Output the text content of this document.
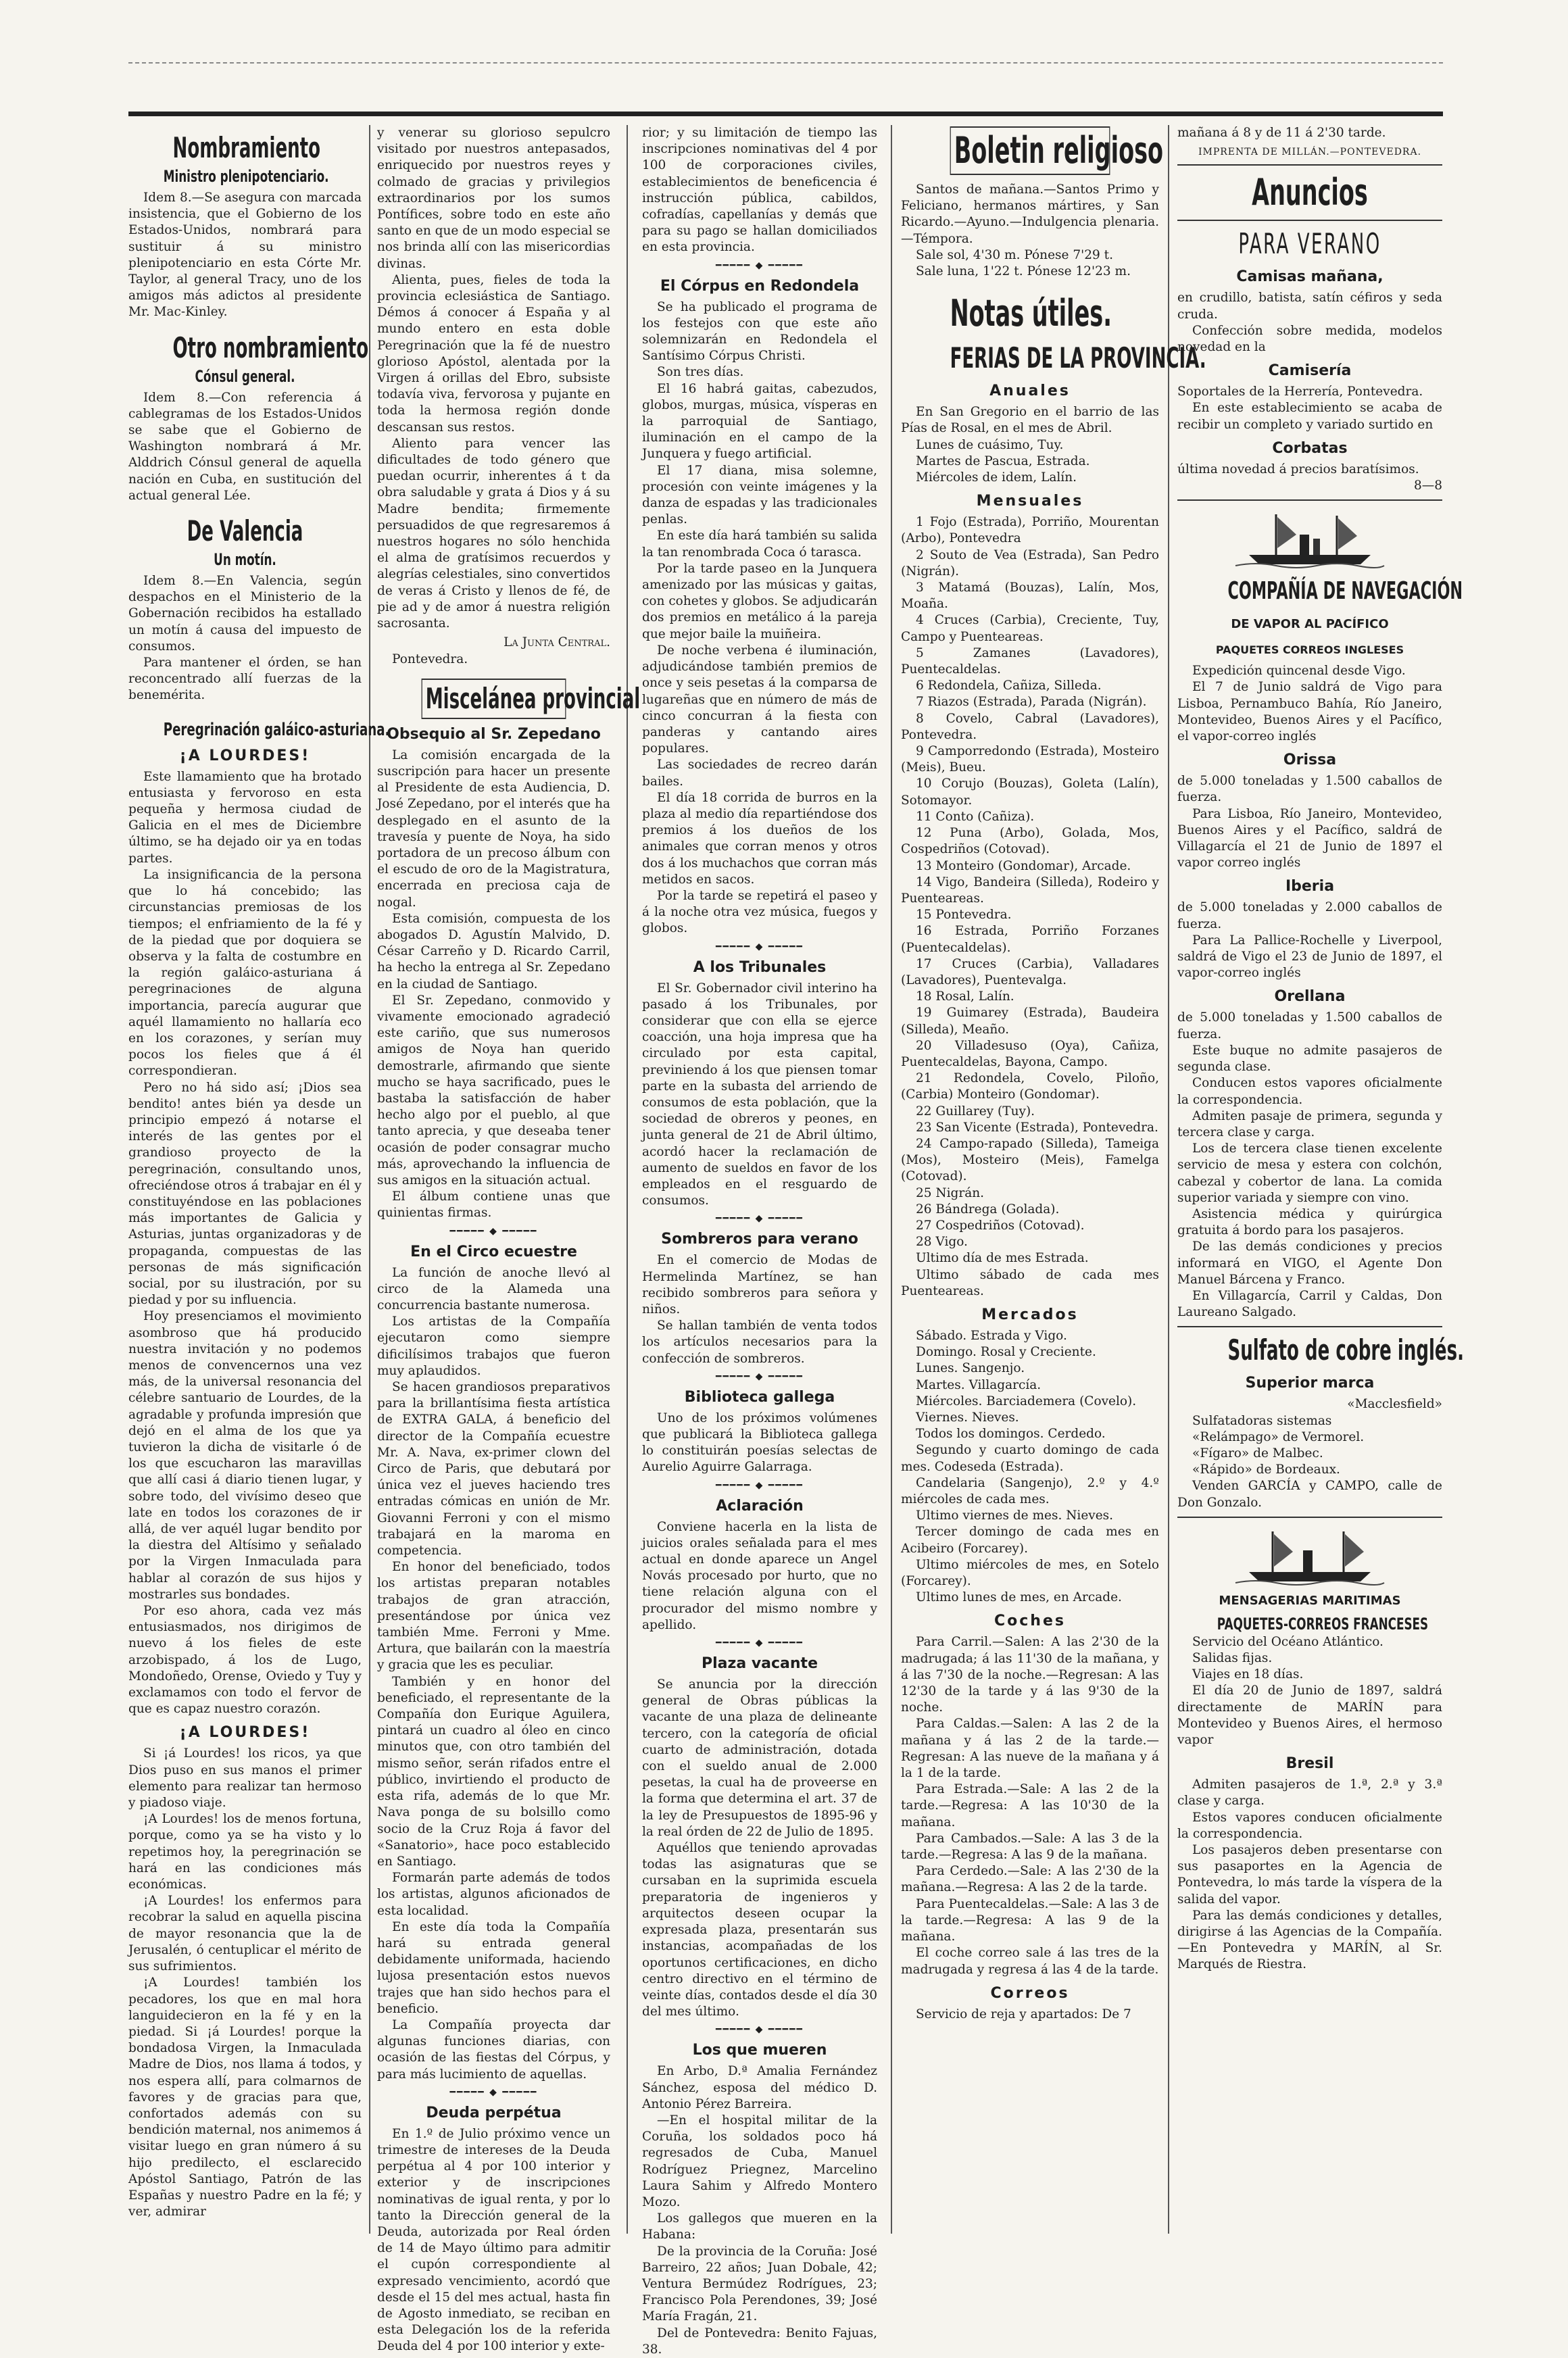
Nombramiento
Ministro plenipotenciario.

Idem 8.—Se asegura con marcada insistencia, que el Gobierno de los Estados-Unidos, nombrará para sustituir á su ministro plenipotenciario en esta Córte Mr. Taylor, al general Tracy, uno de los amigos más adictos al presidente Mr. Mac-Kinley.

Otro nombramiento
Cónsul general.

Idem 8.—Con referencia á cablegramas de los Estados-Unidos se sabe que el Gobierno de Washington nombrará á Mr. Alddrich Cónsul general de aquella nación en Cuba, en sustitución del actual general Lée.

De Valencia
Un motín.

Idem 8.—En Valencia, según despachos en el Ministerio de la Gobernación recibidos ha estallado un motín á causa del impuesto de consumos.

Para mantener el órden, se han reconcentrado allí fuerzas de la benemérita.

Peregrinación galáico-asturiana.
¡A LOURDES!

Este llamamiento que ha brotado entusiasta y fervoroso en esta pequeña y hermosa ciudad de Galicia en el mes de Diciembre último, se ha dejado oir ya en todas partes.

La insignificancia de la persona que lo há concebido; las circunstancias premiosas de los tiempos; el enfriamiento de la fé y de la piedad que por doquiera se observa y la falta de costumbre en la región galáico-asturiana á peregrinaciones de alguna importancia, parecía augurar que aquél llamamiento no hallaría eco en los corazones, y serían muy pocos los fieles que á él correspondieran.

Pero no há sido así; ¡Dios sea bendito! antes bién ya desde un principio empezó á notarse el interés de las gentes por el grandioso proyecto de la peregrinación, consultando unos, ofreciéndose otros á trabajar en él y constituyéndose en las poblaciones más importantes de Galicia y Asturias, juntas organizadoras y de propaganda, compuestas de las personas de más significación social, por su ilustración, por su piedad y por su influencia.

Hoy presenciamos el movimiento asombroso que há producido nuestra invitación y no podemos menos de convencernos una vez más, de la universal resonancia del célebre santuario de Lourdes, de la agradable y profunda impresión que dejó en el alma de los que ya tuvieron la dicha de visitarle ó de los que escucharon las maravillas que allí casi á diario tienen lugar, y sobre todo, del vivísimo deseo que late en todos los corazones de ir allá, de ver aquél lugar bendito por la diestra del Altísimo y señalado por la Virgen Inmaculada para hablar al corazón de sus hijos y mostrarles sus bondades.

Por eso ahora, cada vez más entusiasmados, nos dirigimos de nuevo á los fieles de este arzobispado, á los de Lugo, Mondoñedo, Orense, Oviedo y Tuy y exclamamos con todo el fervor de que es capaz nuestro corazón.

¡A LOURDES!

Si ¡á Lourdes! los ricos, ya que Dios puso en sus manos el primer elemento para realizar tan hermoso y piadoso viaje.

¡A Lourdes! los de menos fortuna, porque, como ya se ha visto y lo repetimos hoy, la peregrinación se hará en las condiciones más económicas.

¡A Lourdes! los enfermos para recobrar la salud en aquella piscina de mayor resonancia que la de Jerusalén, ó centuplicar el mérito de sus sufrimientos.

¡A Lourdes! también los pecadores, los que en mal hora languidecieron en la fé y en la piedad. Si ¡á Lourdes! porque la bondadosa Virgen, la Inmaculada Madre de Dios, nos llama á todos, y nos espera allí, para colmarnos de favores y de gracias para que, confortados además con su bendición maternal, nos animemos á visitar luego en gran número á su hijo predilecto, el esclarecido Apóstol Santiago, Patrón de las Españas y nuestro Padre en la fé; y ver, admirar

y venerar su glorioso sepulcro visitado por nuestros antepasados, enriquecido por nuestros reyes y colmado de gracias y privilegios extraordinarios por los sumos Pontífices, sobre todo en este año santo en que de un modo especial se nos brinda allí con las misericordias divinas.

Alienta, pues, fieles de toda la provincia eclesiástica de Santiago. Démos á conocer á España y al mundo entero en esta doble Peregrinación que la fé de nuestro glorioso Apóstol, alentada por la Virgen á orillas del Ebro, subsiste todavía viva, fervorosa y pujante en toda la hermosa región donde descansan sus restos.

Aliento para vencer las dificultades de todo género que puedan ocurrir, inherentes á t da obra saludable y grata á Dios y á su Madre bendita; firmemente persuadidos de que regresaremos á nuestros hogares no sólo henchida el alma de gratísimos recuerdos y alegrías celestiales, sino convertidos de veras á Cristo y llenos de fé, de pie ad y de amor á nuestra religión sacrosanta.

La Junta Central.

Pontevedra.

Miscelánea provincial
Obsequio al Sr. Zepedano

La comisión encargada de la suscripción para hacer un presente al Presidente de esta Audiencia, D. José Zepedano, por el interés que ha desplegado en el asunto de la travesía y puente de Noya, ha sido portadora de un precoso álbum con el escudo de oro de la Magistratura, encerrada en preciosa caja de nogal.

Esta comisión, compuesta de los abogados D. Agustín Malvido, D. César Carreño y D. Ricardo Carril, ha hecho la entrega al Sr. Zepedano en la ciudad de Santiago.

El Sr. Zepedano, conmovido y vivamente emocionado agradeció este cariño, que sus numerosos amigos de Noya han querido demostrarle, afirmando que siente mucho se haya sacrificado, pues le bastaba la satisfacción de haber hecho algo por el pueblo, al que tanto aprecia, y que deseaba tener ocasión de poder consagrar mucho más, aprovechando la influencia de sus amigos en la situación actual.

El álbum contiene unas que quinientas firmas.

━━━━━ ◆ ━━━━━
En el Circo ecuestre

La función de anoche llevó al circo de la Alameda una concurrencia bastante numerosa.

Los artistas de la Compañía ejecutaron como siempre dificilísimos trabajos que fueron muy aplaudidos.

Se hacen grandiosos preparativos para la brillantísima fiesta artística de EXTRA GALA, á beneficio del director de la Compañía ecuestre Mr. A. Nava, ex-primer clown del Circo de Paris, que debutará por única vez el jueves haciendo tres entradas cómicas en unión de Mr. Giovanni Ferroni y con el mismo trabajará en la maroma en competencia.

En honor del beneficiado, todos los artistas preparan notables trabajos de gran atracción, presentándose por única vez también Mme. Ferroni y Mme. Artura, que bailarán con la maestría y gracia que les es peculiar.

También y en honor del beneficiado, el representante de la Compañía don Eurique Aguilera, pintará un cuadro al óleo en cinco minutos que, con otro también del mismo señor, serán rifados entre el público, invirtiendo el producto de esta rifa, además de lo que Mr. Nava ponga de su bolsillo como socio de la Cruz Roja á favor del «Sanatorio», hace poco establecido en Santiago.

Formarán parte además de todos los artistas, algunos aficionados de esta localidad.

En este día toda la Compañía hará su entrada general debidamente uniformada, haciendo lujosa presentación estos nuevos trajes que han sido hechos para el beneficio.

La Compañía proyecta dar algunas funciones diarias, con ocasión de las fiestas del Córpus, y para más lucimiento de aquellas.

━━━━━ ◆ ━━━━━
Deuda perpétua

En 1.º de Julio próximo vence un trimestre de intereses de la Deuda perpétua al 4 por 100 interior y exterior y de inscripciones nominativas de igual renta, y por lo tanto la Dirección general de la Deuda, autorizada por Real órden de 14 de Mayo último para admitir el cupón correspondiente al expresado vencimiento, acordó que desde el 15 del mes actual, hasta fin de Agosto inmediato, se reciban en esta Delegación los de la referida Deuda del 4 por 100 interior y exte-

rior; y su limitación de tiempo las inscripciones nominativas del 4 por 100 de corporaciones civiles, establecimientos de beneficencia é instrucción pública, cabildos, cofradías, capellanías y demás que para su pago se hallan domiciliados en esta provincia.

━━━━━ ◆ ━━━━━
El Córpus en Redondela

Se ha publicado el programa de los festejos con que este año solemnizarán en Redondela el Santísimo Córpus Christi.

Son tres días.

El 16 habrá gaitas, cabezudos, globos, murgas, música, vísperas en la parroquial de Santiago, iluminación en el campo de la Junquera y fuego artificial.

El 17 diana, misa solemne, procesión con veinte imágenes y la danza de espadas y las tradicionales penlas.

En este día hará también su salida la tan renombrada Coca ó tarasca.

Por la tarde paseo en la Junquera amenizado por las músicas y gaitas, con cohetes y globos. Se adjudicarán dos premios en metálico á la pareja que mejor baile la muiñeira.

De noche verbena é iluminación, adjudicándose también premios de once y seis pesetas á la comparsa de lugareñas que en número de más de cinco concurran á la fiesta con panderas y cantando aires populares.

Las sociedades de recreo darán bailes.

El día 18 corrida de burros en la plaza al medio día repartiéndose dos premios á los dueños de los animales que corran menos y otros dos á los muchachos que corran más metidos en sacos.

Por la tarde se repetirá el paseo y á la noche otra vez música, fuegos y globos.

━━━━━ ◆ ━━━━━
A los Tribunales

El Sr. Gobernador civil interino ha pasado á los Tribunales, por considerar que con ella se ejerce coacción, una hoja impresa que ha circulado por esta capital, previniendo á los que piensen tomar parte en la subasta del arriendo de consumos de esta población, que la sociedad de obreros y peones, en junta general de 21 de Abril último, acordó hacer la reclamación de aumento de sueldos en favor de los empleados en el resguardo de consumos.

━━━━━ ◆ ━━━━━
Sombreros para verano

En el comercio de Modas de Hermelinda Martínez, se han recibido sombreros para señora y niños.

Se hallan también de venta todos los artículos necesarios para la confección de sombreros.

━━━━━ ◆ ━━━━━
Biblioteca gallega

Uno de los próximos volúmenes que publicará la Biblioteca gallega lo constituirán poesías selectas de Aurelio Aguirre Galarraga.

━━━━━ ◆ ━━━━━
Aclaración

Conviene hacerla en la lista de juicios orales señalada para el mes actual en donde aparece un Angel Novás procesado por hurto, que no tiene relación alguna con el procurador del mismo nombre y apellido.

━━━━━ ◆ ━━━━━
Plaza vacante

Se anuncia por la dirección general de Obras públicas la vacante de una plaza de delineante tercero, con la categoría de oficial cuarto de administración, dotada con el sueldo anual de 2.000 pesetas, la cual ha de proveerse en la forma que determina el art. 37 de la ley de Presupuestos de 1895-96 y la real órden de 22 de Julio de 1895.

Aquéllos que teniendo aprovadas todas las asignaturas que se cursaban en la suprimida escuela preparatoria de ingenieros y arquitectos deseen ocupar la expresada plaza, presentarán sus instancias, acompañadas de los oportunos certificaciones, en dicho centro directivo en el término de veinte días, contados desde el día 30 del mes último.

━━━━━ ◆ ━━━━━
Los que mueren

En Arbo, D.ª Amalia Fernández Sánchez, esposa del médico D. Antonio Pérez Barreira.

—En el hospital militar de la Coruña, los soldados poco há regresados de Cuba, Manuel Rodríguez Priegnez, Marcelino Laura Sahim y Alfredo Montero Mozo.

Los gallegos que mueren en la Habana:

De la provincia de la Coruña: José Barreiro, 22 años; Juan Dobale, 42; Ventura Bermúdez Rodrígues, 23; Francisco Pola Perendones, 39; José María Fragán, 21.

Del de Pontevedra: Benito Fajuas, 38.

Boletin religioso

Santos de mañana.—Santos Primo y Feliciano, hermanos mártires, y San Ricardo.—Ayuno.—Indulgencia plenaria.—Témpora.

Sale sol, 4'30 m. Pónese 7'29 t.

Sale luna, 1'22 t. Pónese 12'23 m.

Notas útiles.
FERIAS DE LA PROVINCIA.
Anuales

En San Gregorio en el barrio de las Pías de Rosal, en el mes de Abril.

Lunes de cuásimo, Tuy.

Martes de Pascua, Estrada.

Miércoles de idem, Lalín.

Mensuales

1 Fojo (Estrada), Porriño, Mourentan (Arbo), Pontevedra

2 Souto de Vea (Estrada), San Pedro (Nigrán).

3 Matamá (Bouzas), Lalín, Mos, Moaña.

4 Cruces (Carbia), Creciente, Tuy, Campo y Puenteareas.

5 Zamanes (Lavadores), Puentecaldelas.

6 Redondela, Cañiza, Silleda.

7 Riazos (Estrada), Parada (Nigrán).

8 Covelo, Cabral (Lavadores), Pontevedra.

9 Camporredondo (Estrada), Mosteiro (Meis), Bueu.

10 Corujo (Bouzas), Goleta (Lalín), Sotomayor.

11 Conto (Cañiza).

12 Puna (Arbo), Golada, Mos, Cospedriños (Cotovad).

13 Monteiro (Gondomar), Arcade.

14 Vigo, Bandeira (Silleda), Rodeiro y Puenteareas.

15 Pontevedra.

16 Estrada, Porriño Forzanes (Puentecaldelas).

17 Cruces (Carbia), Valladares (Lavadores), Puentevalga.

18 Rosal, Lalín.

19 Guimarey (Estrada), Baudeira (Silleda), Meaño.

20 Villadesuso (Oya), Cañiza, Puentecaldelas, Bayona, Campo.

21 Redondela, Covelo, Piloño, (Carbia) Monteiro (Gondomar).

22 Guillarey (Tuy).

23 San Vicente (Estrada), Pontevedra.

24 Campo-rapado (Silleda), Tameiga (Mos), Mosteiro (Meis), Famelga (Cotovad).

25 Nigrán.

26 Bándrega (Golada).

27 Cospedriños (Cotovad).

28 Vigo.

Ultimo día de mes Estrada.

Ultimo sábado de cada mes Puenteareas.

Mercados

Sábado. Estrada y Vigo.

Domingo. Rosal y Creciente.

Lunes. Sangenjo.

Martes. Villagarcía.

Miércoles. Barciademera (Covelo).

Viernes. Nieves.

Todos los domingos. Cerdedo.

Segundo y cuarto domingo de cada mes. Codeseda (Estrada).

Candelaria (Sangenjo), 2.º y 4.º miércoles de cada mes.

Ultimo viernes de mes. Nieves.

Tercer domingo de cada mes en Acibeiro (Forcarey).

Ultimo miércoles de mes, en Sotelo (Forcarey).

Ultimo lunes de mes, en Arcade.

Coches

Para Carril.—Salen: A las 2'30 de la madrugada; á las 11'30 de la mañana, y á las 7'30 de la noche.—Regresan: A las 12'30 de la tarde y á las 9'30 de la noche.

Para Caldas.—Salen: A las 2 de la mañana y á las 2 de la tarde.—Regresan: A las nueve de la mañana y á la 1 de la tarde.

Para Estrada.—Sale: A las 2 de la tarde.—Regresa: A las 10'30 de la mañana.

Para Cambados.—Sale: A las 3 de la tarde.—Regresa: A las 9 de la mañana.

Para Cerdedo.—Sale: A las 2'30 de la mañana.—Regresa: A las 2 de la tarde.

Para Puentecaldelas.—Sale: A las 3 de la tarde.—Regresa: A las 9 de la mañana.

El coche correo sale á las tres de la madrugada y regresa á las 4 de la tarde.

Correos

Servicio de reja y apartados: De 7

mañana á 8 y de 11 á 2'30 tarde.

IMPRENTA DE MILLÁN.—PONTEVEDRA.
Anuncios
PARA VERANO
Camisas mañana,

en crudillo, batista, satín céfiros y seda cruda.

Confección sobre medida, modelos novedad en la

Camisería

Soportales de la Herrería, Pontevedra.

En este establecimiento se acaba de recibir un completo y variado surtido en

Corbatas

última novedad á precios baratísimos.

8—8

COMPAÑÍA DE NAVEGACIÓN
DE VAPOR AL PACÍFICO
PAQUETES CORREOS INGLESES

Expedición quincenal desde Vigo.

El 7 de Junio saldrá de Vigo para Lisboa, Pernambuco Bahía, Río Janeiro, Montevideo, Buenos Aires y el Pacífico, el vapor-correo inglés

Orissa

de 5.000 toneladas y 1.500 caballos de fuerza.

Para Lisboa, Río Janeiro, Montevideo, Buenos Aires y el Pacífico, saldrá de Villagarcía el 21 de Junio de 1897 el vapor correo inglés

Iberia

de 5.000 toneladas y 2.000 caballos de fuerza.

Para La Pallice-Rochelle y Liverpool, saldrá de Vigo el 23 de Junio de 1897, el vapor-correo inglés

Orellana

de 5.000 toneladas y 1.500 caballos de fuerza.

Este buque no admite pasajeros de segunda clase.

Conducen estos vapores oficialmente la correspondencia.

Admiten pasaje de primera, segunda y tercera clase y carga.

Los de tercera clase tienen excelente servicio de mesa y estera con colchón, cabezal y cobertor de lana. La comida superior variada y siempre con vino.

Asistencia médica y quirúrgica gratuita á bordo para los pasajeros.

De las demás condiciones y precios informará en VIGO, el Agente Don Manuel Bárcena y Franco.

En Villagarcía, Carril y Caldas, Don Laureano Salgado.

Sulfato de cobre inglés.
Superior marca

«Macclesfield»

Sulfatadoras sistemas

«Relámpago» de Vermorel.

«Fígaro» de Malbec.

«Rápido» de Bordeaux.

Venden GARCÍA y CAMPO, calle de Don Gonzalo.

MENSAGERIAS MARITIMAS
PAQUETES-CORREOS FRANCESES

Servicio del Océano Atlántico.

Salidas fijas.

Viajes en 18 días.

El día 20 de Junio de 1897, saldrá directamente de MARÍN para Montevideo y Buenos Aires, el hermoso vapor

Bresil

Admiten pasajeros de 1.ª, 2.ª y 3.ª clase y carga.

Estos vapores conducen oficialmente la correspondencia.

Los pasajeros deben presentarse con sus pasaportes en la Agencia de Pontevedra, lo más tarde la víspera de la salida del vapor.

Para las demás condiciones y detalles, dirigirse á las Agencias de la Compañía.—En Pontevedra y MARÍN, al Sr. Marqués de Riestra.
